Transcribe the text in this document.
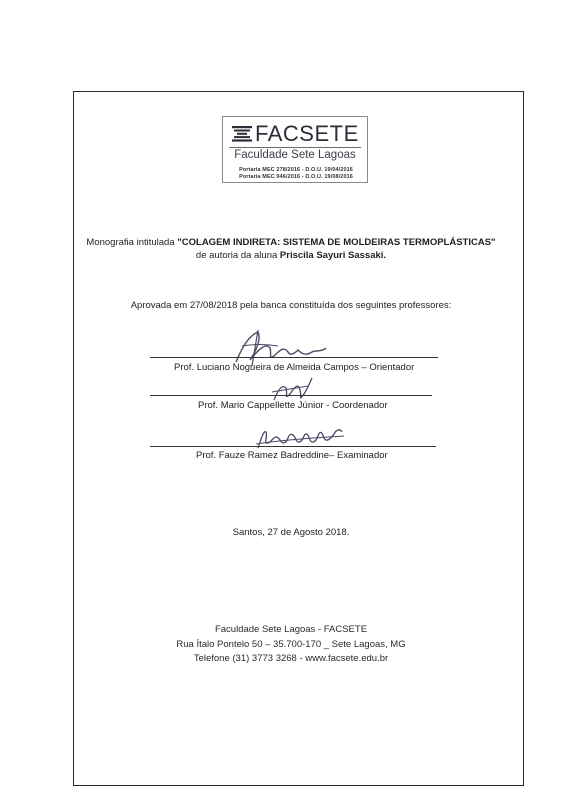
FACSETE
Faculdade Sete Lagoas
Portaria MEC 278/2016 - D.O.U. 19/04/2016
Portaria MEC 946/2016 - D.O.U. 19/08/2016
Monografia intitulada "COLAGEM INDIRETA: SISTEMA DE MOLDEIRAS TERMOPLÁSTICAS"
de autoria da aluna Priscila Sayuri Sassaki.
Aprovada em 27/08/2018 pela banca constituída dos seguintes professores:
Prof. Luciano Nogueira de Almeida Campos – Orientador
Prof. Mario Cappellette Júnior - Coordenador
Prof. Fauze Ramez Badreddine– Examinador
Santos, 27 de Agosto 2018.
Faculdade Sete Lagoas - FACSETE
Rua Ítalo Pontelo 50 – 35.700-170 _ Sete Lagoas, MG
Telefone (31) 3773 3268 - www.facsete.edu.br
